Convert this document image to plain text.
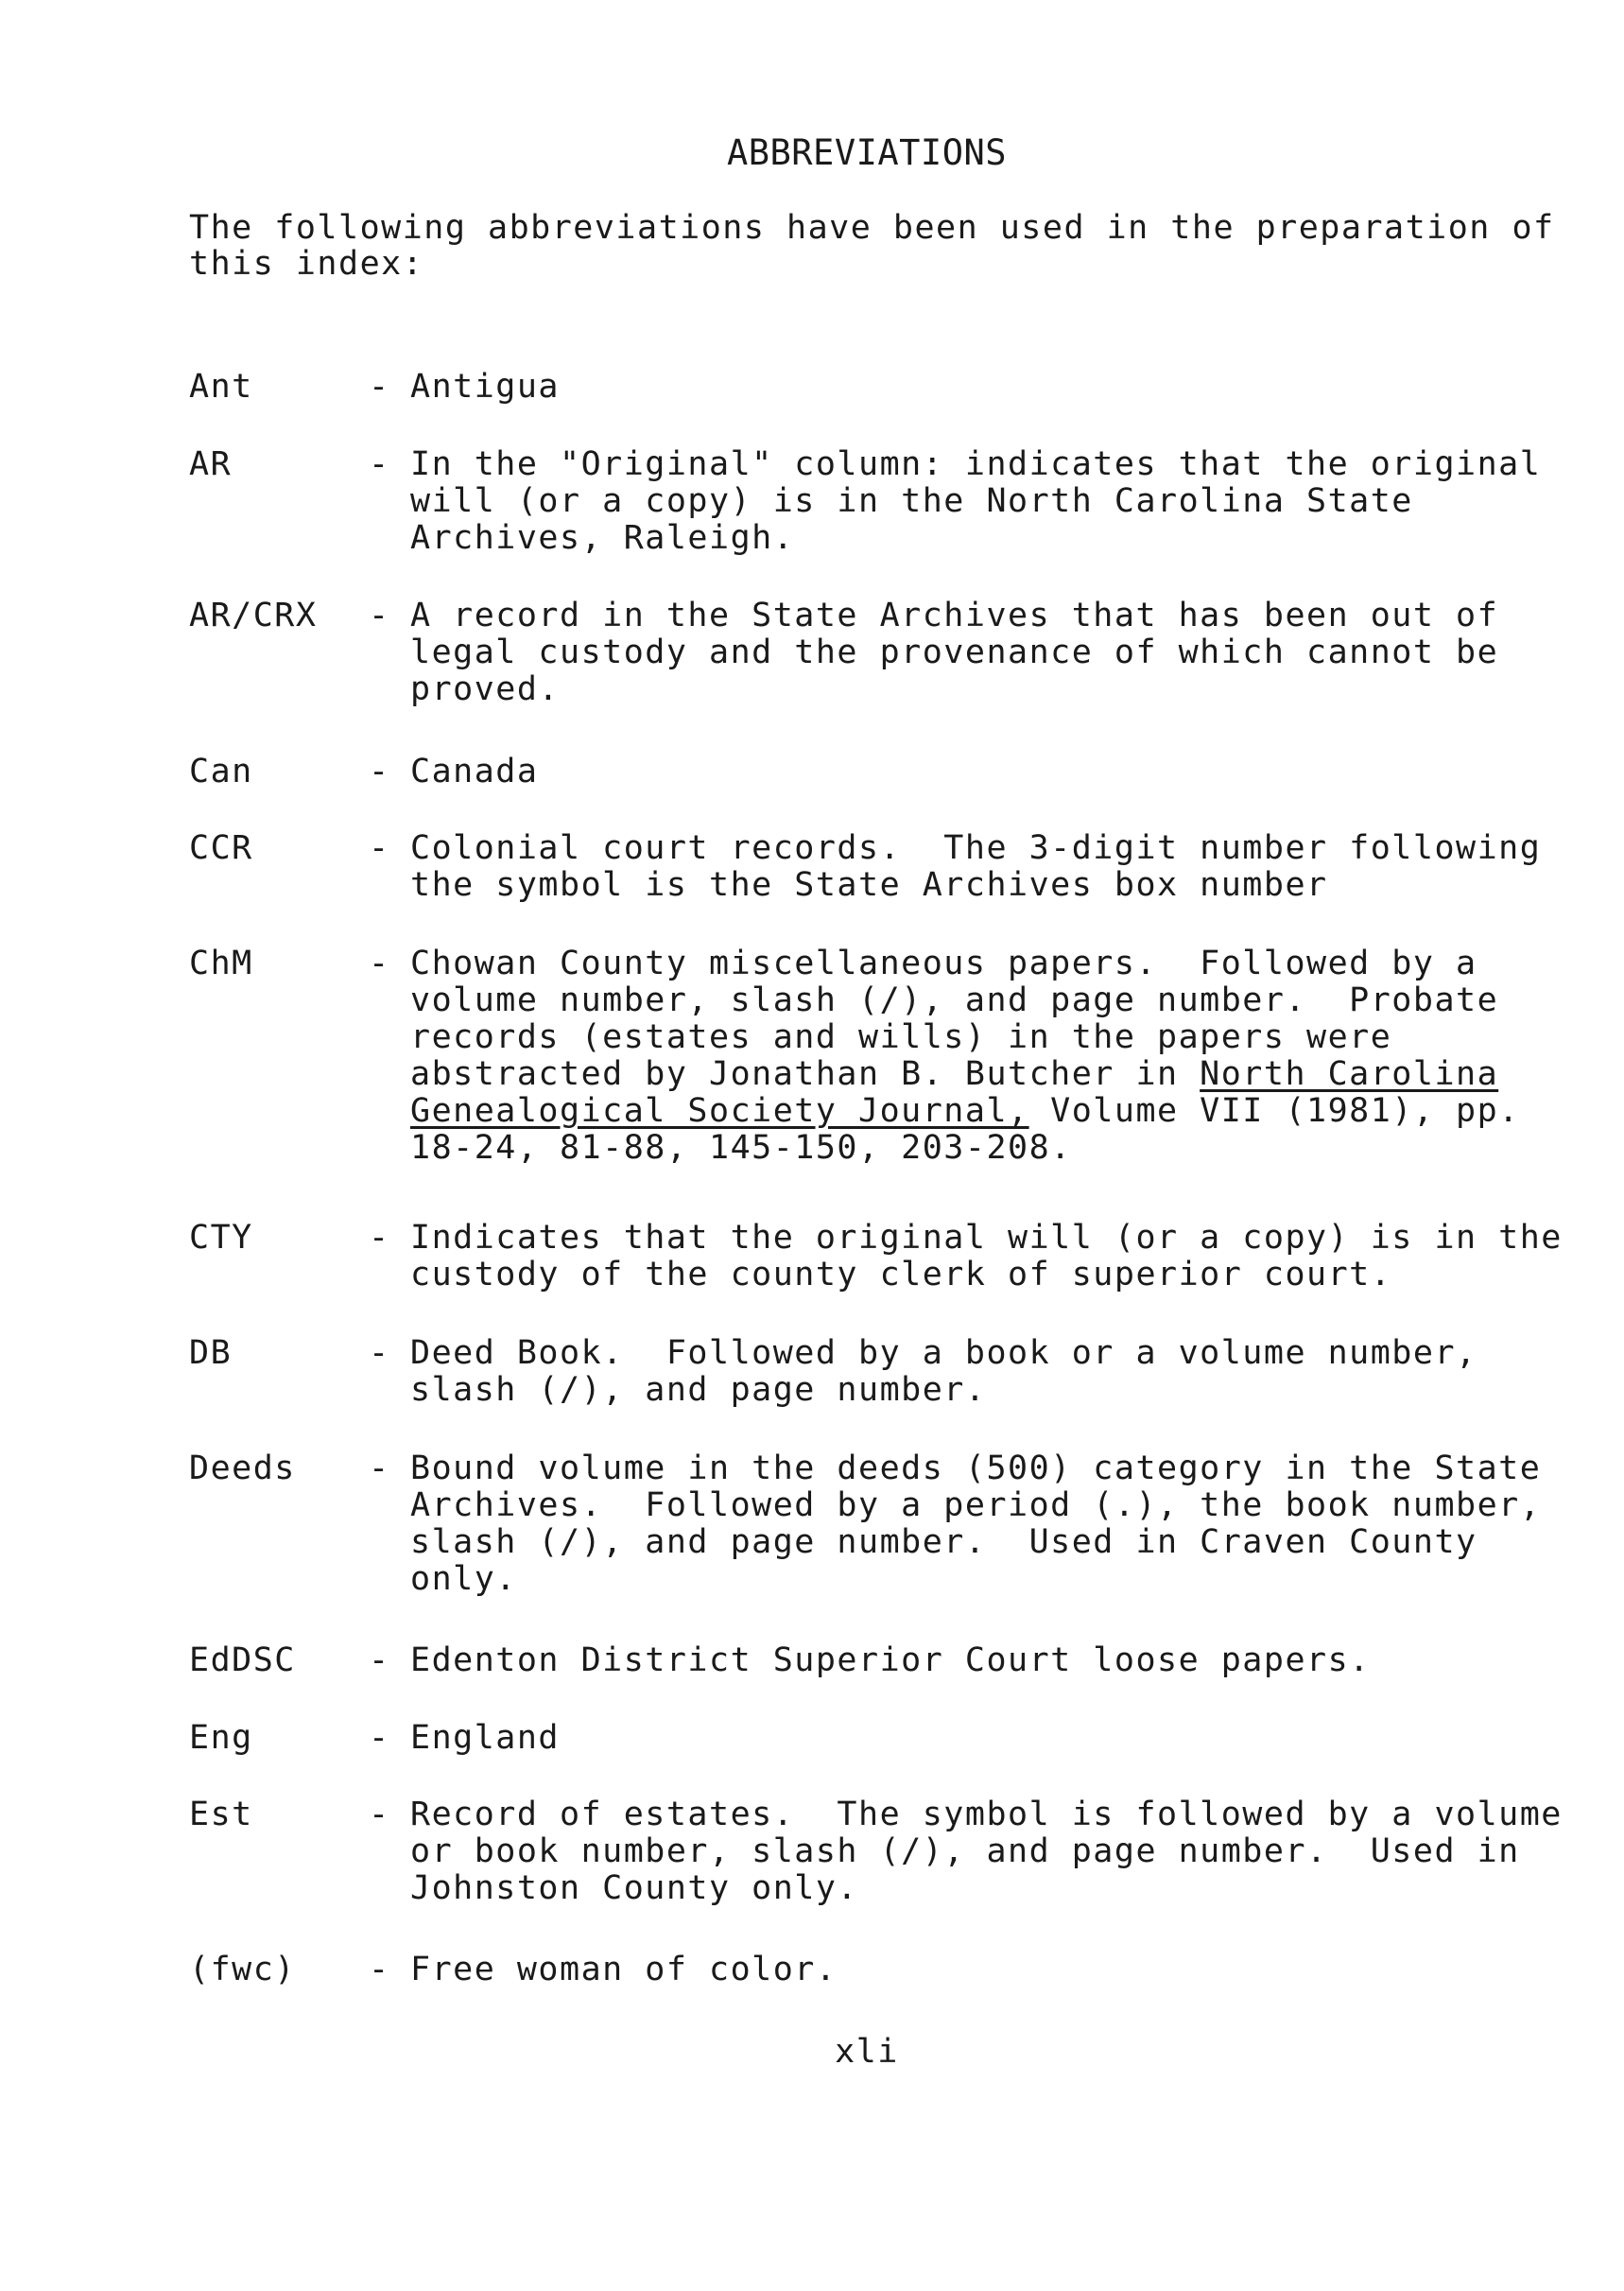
ABBREVIATIONS
The following abbreviations have been used in the preparation of
this index:
Ant	- Antigua
AR	- In the "Original" column: indicates that the original
will (or a copy) is in the North Carolina State
Archives, Raleigh.
AR/CRX - A record in the State Archives that has been out of
legal custody and the provenance of which cannot be
proved.
Can	- Canada
CCR	- Colonial court records.  The 3-digit number following
the symbol is the State Archives box number
ChM	- Chowan County miscellaneous papers.  Followed by a
volume number, slash (/), and page number.  Probate
records (estates and wills) in the papers were
abstracted by Jonathan B. Butcher in North Carolina
Genealogical Society Journal, Volume VII (1981), pp.
18-24, 81-88, 145-150, 203-208.
CTY	- Indicates that the original will (or a copy) is in the
custody of the county clerk of superior court.
DB	- Deed Book.  Followed by a book or a volume number,
slash (/), and page number.
Deeds - Bound volume in the deeds (500) category in the State
Archives.  Followed by a period (.), the book number,
slash (/), and page number.  Used in Craven County
only.
EdDSC - Edenton District Superior Court loose papers.
Eng	- England
Est	- Record of estates.  The symbol is followed by a volume
or book number, slash (/), and page number.  Used in
Johnston County only.
(fwc) - Free woman of color.
xli
